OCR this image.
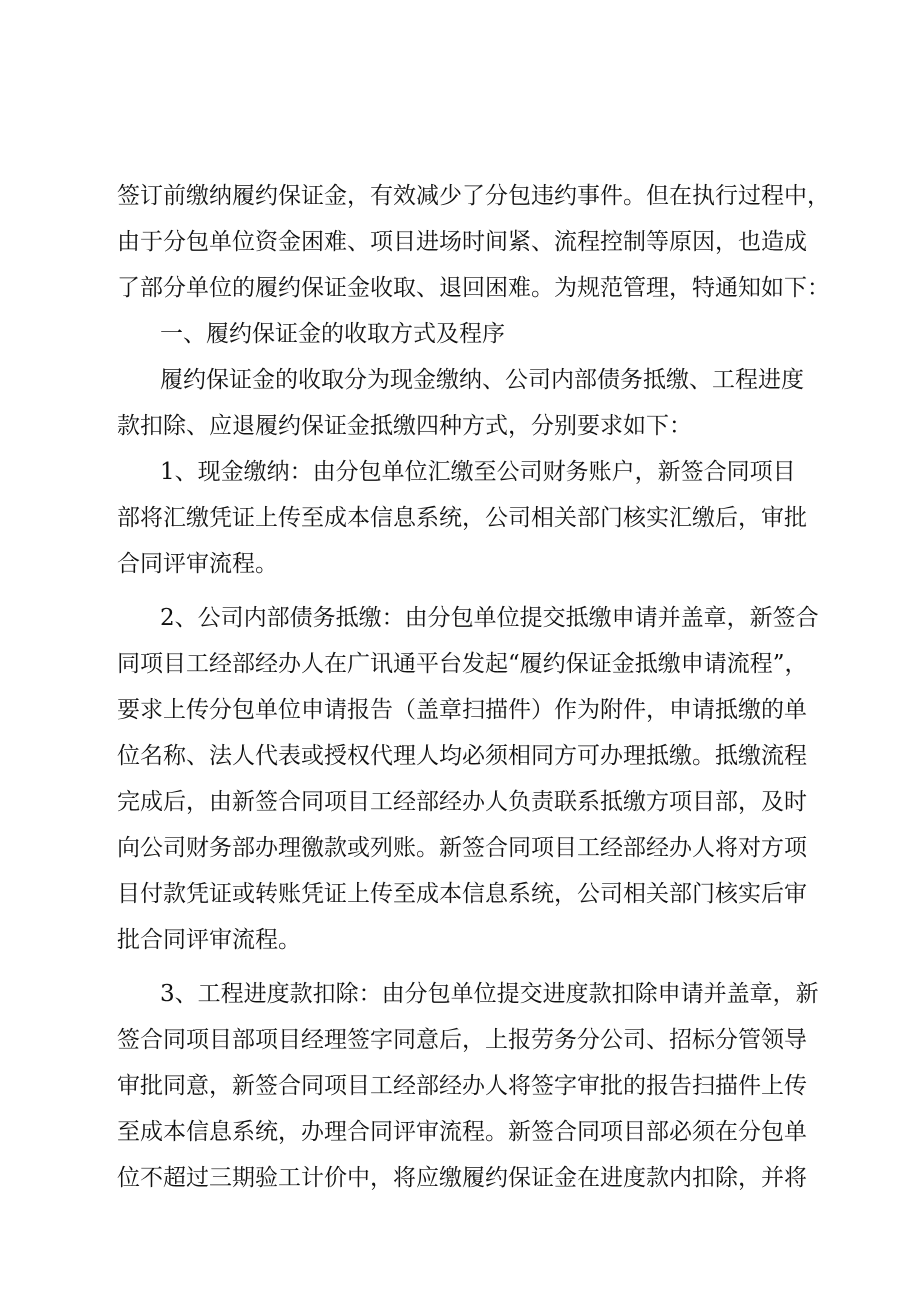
签订前缴纳履约保证金，有效减少了分包违约事件。但在执行过程中，
由于分包单位资金困难、项目进场时间紧、流程控制等原因，也造成
了部分单位的履约保证金收取、退回困难。为规范管理，特通知如下：
一、履约保证金的收取方式及程序
履约保证金的收取分为现金缴纳、公司内部债务抵缴、工程进度
款扣除、应退履约保证金抵缴四种方式，分别要求如下：
1、现金缴纳：由分包单位汇缴至公司财务账户，新签合同项目
部将汇缴凭证上传至成本信息系统，公司相关部门核实汇缴后，审批
合同评审流程。
2、公司内部债务抵缴：由分包单位提交抵缴申请并盖章，新签合
同项目工经部经办人在广讯通平台发起“履约保证金抵缴申请流程”，
要求上传分包单位申请报告（盖章扫描件）作为附件，申请抵缴的单
位名称、法人代表或授权代理人均必须相同方可办理抵缴。抵缴流程
完成后，由新签合同项目工经部经办人负责联系抵缴方项目部，及时
向公司财务部办理徼款或列账。新签合同项目工经部经办人将对方项
目付款凭证或转账凭证上传至成本信息系统，公司相关部门核实后审
批合同评审流程。
3、工程进度款扣除：由分包单位提交进度款扣除申请并盖章，新
签合同项目部项目经理签字同意后，上报劳务分公司、招标分管领导
审批同意，新签合同项目工经部经办人将签字审批的报告扫描件上传
至成本信息系统，办理合同评审流程。新签合同项目部必须在分包单
位不超过三期验工计价中，将应缴履约保证金在进度款内扣除，并将
